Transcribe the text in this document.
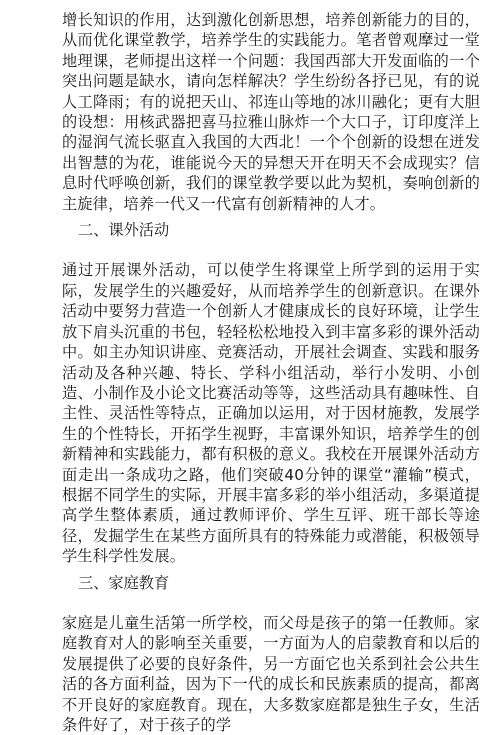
增长知识的作用，达到激化创新思想，培养创新能力的目的，从而优化课堂教学，培养学生的实践能力。笔者曾观摩过一堂地理课，老师提出这样一个问题：我国西部大开发面临的一个突出问题是缺水，请向怎样解决？学生纷纷各抒已见，有的说人工降雨；有的说把天山、祁连山等地的冰川融化；更有大胆的设想：用核武器把喜马拉雅山脉炸一个大口子，订印度洋上的湿润气流长驱直入我国的大西北！一个个创新的设想在迸发出智慧的为花，谁能说今天的异想天开在明天不会成现实？信息时代呼唤创新，我们的课堂教学要以此为契机，奏响创新的主旋律，培养一代又一代富有创新精神的人才。

二、课外活动

通过开展课外活动，可以使学生将课堂上所学到的运用于实际，发展学生的兴趣爱好，从而培养学生的创新意识。在课外活动中要努力营造一个创新人才健康成长的良好环境，让学生放下肩头沉重的书包，轻轻松松地投入到丰富多彩的课外活动中。如主办知识讲座、竞赛活动，开展社会调查、实践和服务活动及各种兴趣、特长、学科小组活动，举行小发明、小创造、小制作及小论文比赛活动等等，这些活动具有趣味性、自主性、灵活性等特点，正确加以运用，对于因材施教，发展学生的个性特长，开拓学生视野，丰富课外知识，培养学生的创新精神和实践能力，都有积极的意义。我校在开展课外活动方面走出一条成功之路，他们突破40分钟的课堂“灌输”模式，根据不同学生的实际，开展丰富多彩的举小组活动，多渠道提高学生整体素质，通过教师评价、学生互评、班干部长等途径，发掘学生在某些方面所具有的特殊能力或潜能，积极领导学生科学性发展。

三、家庭教育

家庭是儿童生活第一所学校，而父母是孩子的第一任教师。家庭教育对人的影响至关重要，一方面为人的启蒙教育和以后的发展提供了必要的良好条件，另一方面它也关系到社会公共生活的各方面利益，因为下一代的成长和民族素质的提高，都离不开良好的家庭教育。现在，大多数家庭都是独生子女，生活条件好了，对于孩子的学
